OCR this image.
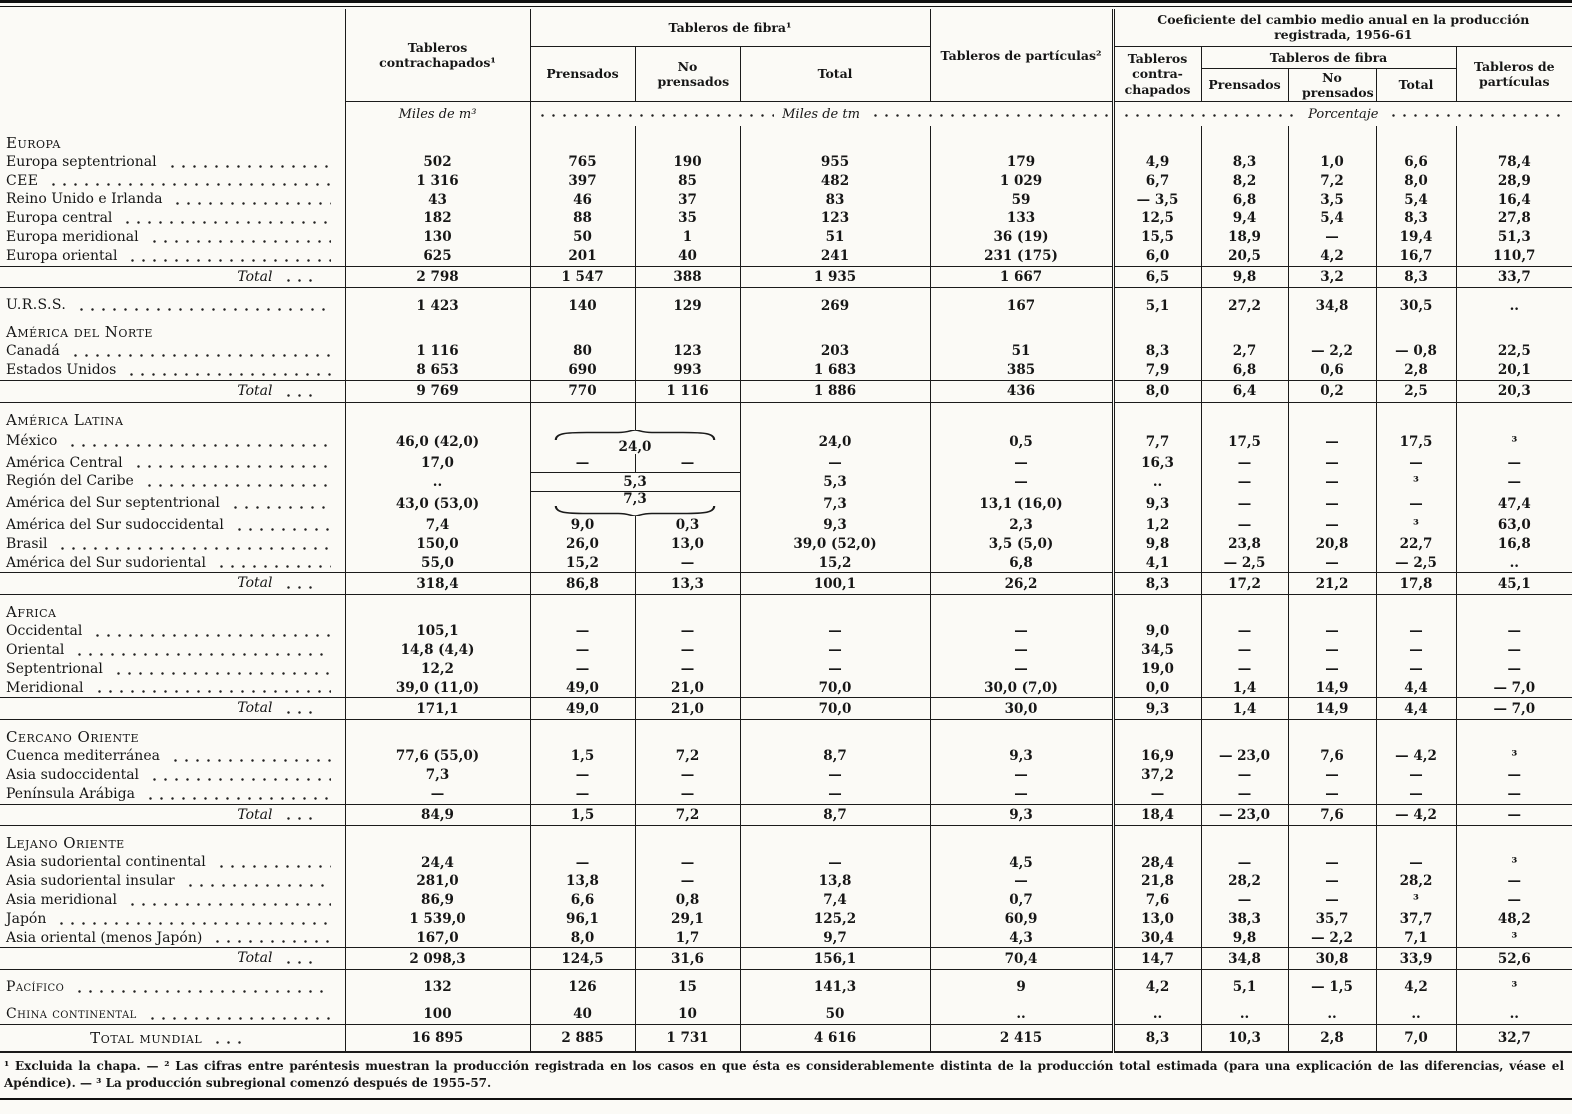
	Tableros contrachapados¹	Tableros de fibra¹			Tableros de partículas²	Coeficiente del cambio medio anual en la producción registrada, 1956-61				
		Prensados	No prensados	Total		Tableros contra-chapados	Tableros de fibra			Tableros de partículas
							Prensados	No prensados	Total	
	Miles de m³	Miles de tm				Porcentaje				

Europa										

Europa septentrional	502	765	190	955	179	4,9	8,3	1,0	6,6	78,4

CEE	1 316	397	85	482	1 029	6,7	8,2	7,2	8,0	28,9

Reino Unido e Irlanda	43	46	37	83	59	— 3,5	6,8	3,5	5,4	16,4

Europa central	182	88	35	123	133	12,5	9,4	5,4	8,3	27,8

Europa meridional	130	50	1	51	36 (19)	15,5	18,9	—	19,4	51,3

Europa oriental	625	201	40	241	231 (175)	6,0	20,5	4,2	16,7	110,7

Total	2 798	1 547	388	1 935	1 667	6,5	9,8	3,2	8,3	33,7

U.R.S.S.	1 423	140	129	269	167	5,1	27,2	34,8	30,5	..

América del Norte										

Canadá	1 116	80	123	203	51	8,3	2,7	— 2,2	— 0,8	22,5

Estados Unidos	8 653	690	993	1 683	385	7,9	6,8	0,6	2,8	20,1

Total	9 769	770	1 116	1 886	436	8,0	6,4	0,2	2,5	20,3

América Latina										

México	46,0 (42,0)	24,0		24,0	0,5	7,7	17,5	—	17,5	³

América Central	17,0	—	—	—	—	16,3	—	—	—	—

Región del Caribe	..	5,3		5,3	—	..	—	—	³	—

América del Sur septentrional	43,0 (53,0)	7,3		7,3	13,1 (16,0)	9,3	—	—	—	47,4

América del Sur sudoccidental	7,4	9,0	0,3	9,3	2,3	1,2	—	—	³	63,0

Brasil	150,0	26,0	13,0	39,0 (52,0)	3,5 (5,0)	9,8	23,8	20,8	22,7	16,8

América del Sur sudoriental	55,0	15,2	—	15,2	6,8	4,1	— 2,5	—	— 2,5	..

Total	318,4	86,8	13,3	100,1	26,2	8,3	17,2	21,2	17,8	45,1

Africa										

Occidental	105,1	—	—	—	—	9,0	—	—	—	—

Oriental	14,8 (4,4)	—	—	—	—	34,5	—	—	—	—

Septentrional	12,2	—	—	—	—	19,0	—	—	—	—

Meridional	39,0 (11,0)	49,0	21,0	70,0	30,0 (7,0)	0,0	1,4	14,9	4,4	— 7,0

Total	171,1	49,0	21,0	70,0	30,0	9,3	1,4	14,9	4,4	— 7,0

Cercano Oriente										

Cuenca mediterránea	77,6 (55,0)	1,5	7,2	8,7	9,3	16,9	— 23,0	7,6	— 4,2	³

Asia sudoccidental	7,3	—	—	—	—	37,2	—	—	—	—

Península Arábiga	—	—	—	—	—	—	—	—	—	—

Total	84,9	1,5	7,2	8,7	9,3	18,4	— 23,0	7,6	— 4,2	—

Lejano Oriente										

Asia sudoriental continental	24,4	—	—	—	4,5	28,4	—	—	—	³

Asia sudoriental insular	281,0	13,8	—	13,8	—	21,8	28,2	—	28,2	—

Asia meridional	86,9	6,6	0,8	7,4	0,7	7,6	—	—	³	—

Japón	1 539,0	96,1	29,1	125,2	60,9	13,0	38,3	35,7	37,7	48,2

Asia oriental (menos Japón)	167,0	8,0	1,7	9,7	4,3	30,4	9,8	— 2,2	7,1	³

Total	2 098,3	124,5	31,6	156,1	70,4	14,7	34,8	30,8	33,9	52,6

Pacífico	132	126	15	141,3	9	4,2	5,1	— 1,5	4,2	³

China continental	100	40	10	50	..	..	..	..	..	..

Total mundial	16 895	2 885	1 731	4 616	2 415	8,3	10,3	2,8	7,0	32,7
¹ Excluida la chapa. — ² Las cifras entre paréntesis muestran la producción registrada en los casos en que ésta es considerablemente distinta de la producción total estimada (para una explicación de las diferencias, véase el Apéndice). — ³ La producción subregional comenzó después de 1955-57.
